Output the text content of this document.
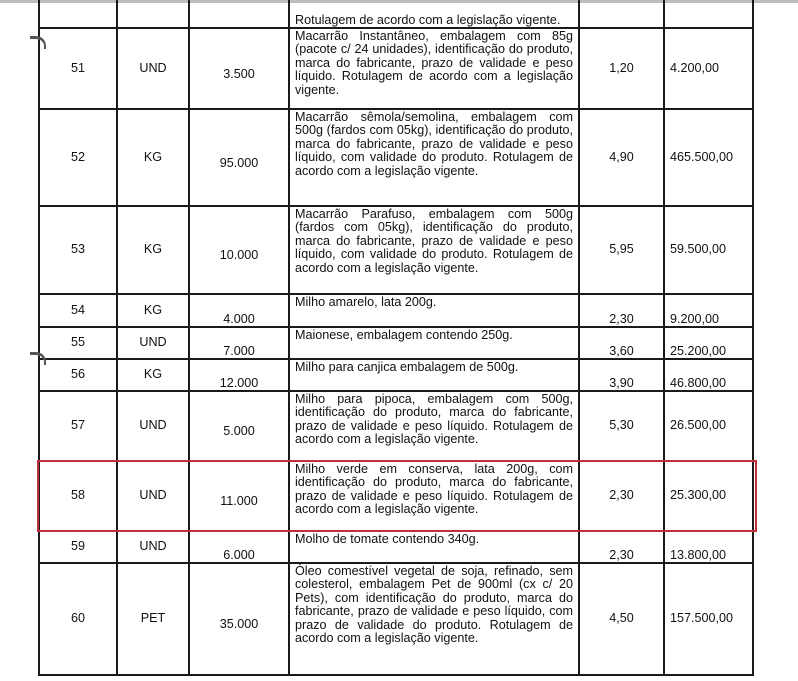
			Rotulagem de acordo com a legislação vigente.		

51	UND	3.500	Macarrão Instantâneo, embalagem com 85g (pacote c/ 24 unidades), identificação do produto, marca do fabricante, prazo de validade e peso líquido. Rotulagem de acordo com a legislação vigente.	1,20	4.200,00
52	KG	95.000	Macarrão sêmola/semolina, embalagem com 500g (fardos com 05kg), identificação do produto, marca do fabricante, prazo de validade e peso líquido, com validade do produto. Rotulagem de acordo com a legislação vigente.	4,90	465.500,00
53	KG	10.000	Macarrão Parafuso, embalagem com 500g (fardos com 05kg), identificação do produto, marca do fabricante, prazo de validade e peso líquido, com validade do produto. Rotulagem de acordo com a legislação vigente.	5,95	59.500,00
54	KG	4.000	Milho amarelo, lata 200g.	2,30	9.200,00
55	UND	7.000	Maionese, embalagem contendo 250g.	3,60	25.200,00
56	KG	12.000	Milho para canjica embalagem de 500g.	3,90	46.800,00
57	UND	5.000	Milho para pipoca, embalagem com 500g, identificação do produto, marca do fabricante, prazo de validade e peso líquido. Rotulagem de acordo com a legislação vigente.	5,30	26.500,00
58	UND	11.000	Milho verde em conserva, lata 200g, com identificação do produto, marca do fabricante, prazo de validade e peso líquido. Rotulagem de acordo com a legislação vigente.	2,30	25.300,00
59	UND	6.000	Molho de tomate contendo 340g.	2,30	13.800,00
60	PET	35.000	Óleo comestível vegetal de soja, refinado, sem colesterol, embalagem Pet de 900ml (cx c/ 20 Pets), com identificação do produto, marca do fabricante, prazo de validade e peso líquido, com prazo de validade do produto. Rotulagem de acordo com a legislação vigente.	4,50	157.500,00
